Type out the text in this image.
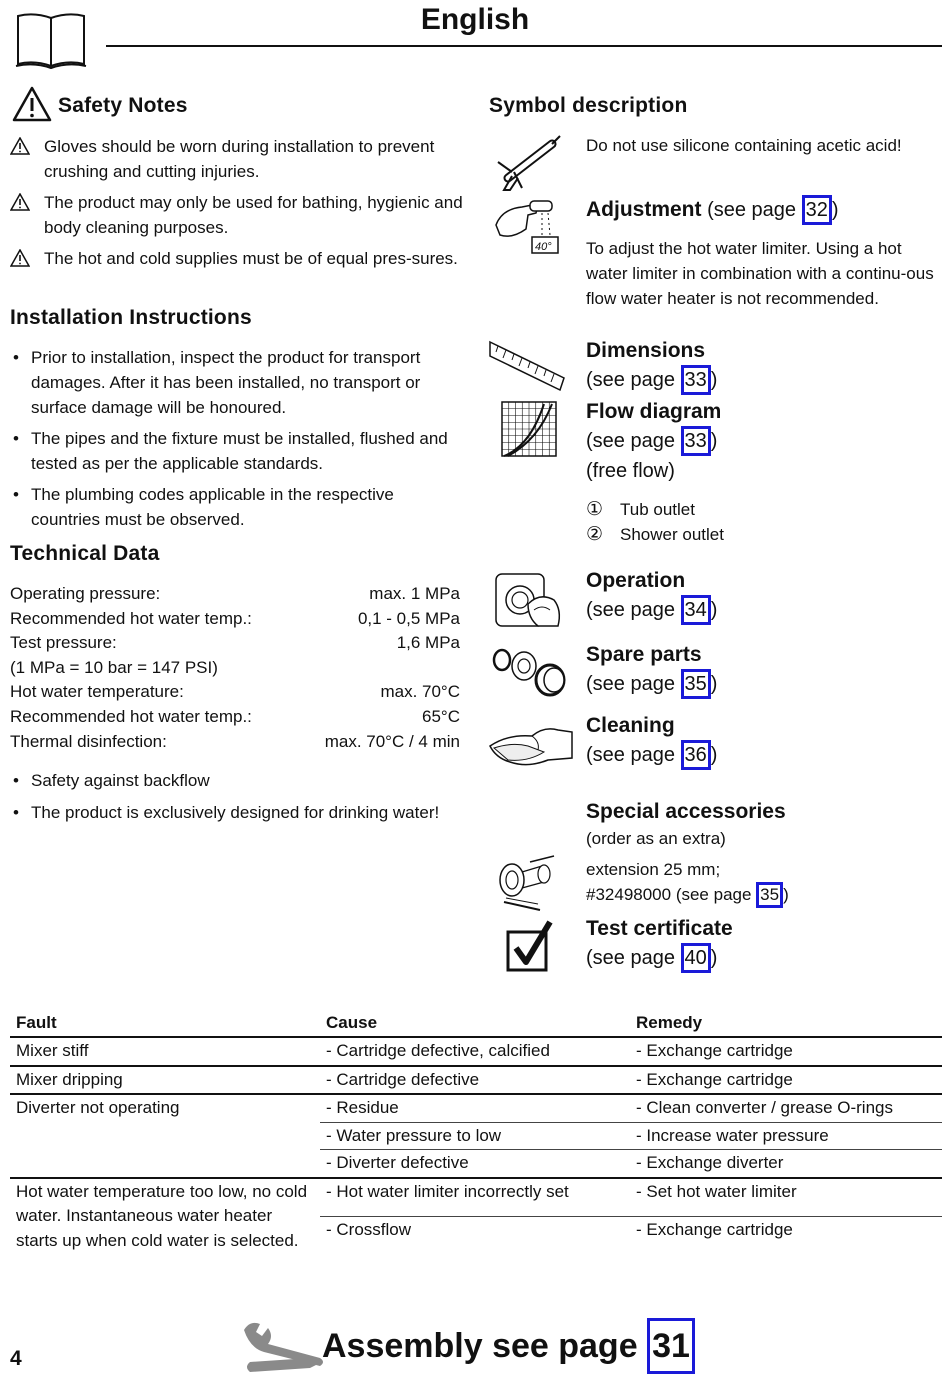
English
Safety Notes
Gloves should be worn during installation to prevent crushing and cutting injuries.
The product may only be used for bathing, hygienic and body cleaning purposes.
The hot and cold supplies must be of equal pres-sures.
Installation Instructions
• Prior to installation, inspect the product for transport damages. After it has been installed, no transport or surface damage will be honoured.
• The pipes and the fixture must be installed, flushed and tested as per the applicable standards.
• The plumbing codes applicable in the respective countries must be observed.
Technical Data
Operating pressure:	max. 1 MPa
Recommended hot water temp.:	0,1 - 0,5 MPa
Test pressure:	1,6 MPa
(1 MPa = 10 bar = 147 PSI)
Hot water temperature:	max. 70°C
Recommended hot water temp.:	65°C
Thermal disinfection:	max. 70°C / 4 min
• Safety against backflow
• The product is exclusively designed for drinking water!
Symbol description
Do not use silicone containing acetic acid!
40°
Adjustment (see page 32 )
To adjust the hot water limiter. Using a hot water limiter in combination with a continu-ous flow water heater is not recommended.
Dimensions
(see page 33 )
Flow diagram
(see page 33 )
(free flow)
① Tub outlet
② Shower outlet
Operation
(see page 34 )
Spare parts
(see page 35 )
Cleaning
(see page 36 )
Special accessories
(order as an extra)
extension 25 mm;
#32498000 (see page 35 )
Test certificate
(see page 40 )
Fault	Cause	Remedy
Mixer stiff	- Cartridge defective, calcified	- Exchange cartridge
Mixer dripping	- Cartridge defective	- Exchange cartridge
Diverter not operating	- Residue	- Clean converter / grease O-rings
	- Water pressure to low	- Increase water pressure
	- Diverter defective	- Exchange diverter
Hot water temperature too low, no cold water. Instantaneous water heater starts up when cold water is selected.	- Hot water limiter incorrectly set	- Set hot water limiter
	- Crossflow	- Exchange cartridge
4	Assembly see page 31
